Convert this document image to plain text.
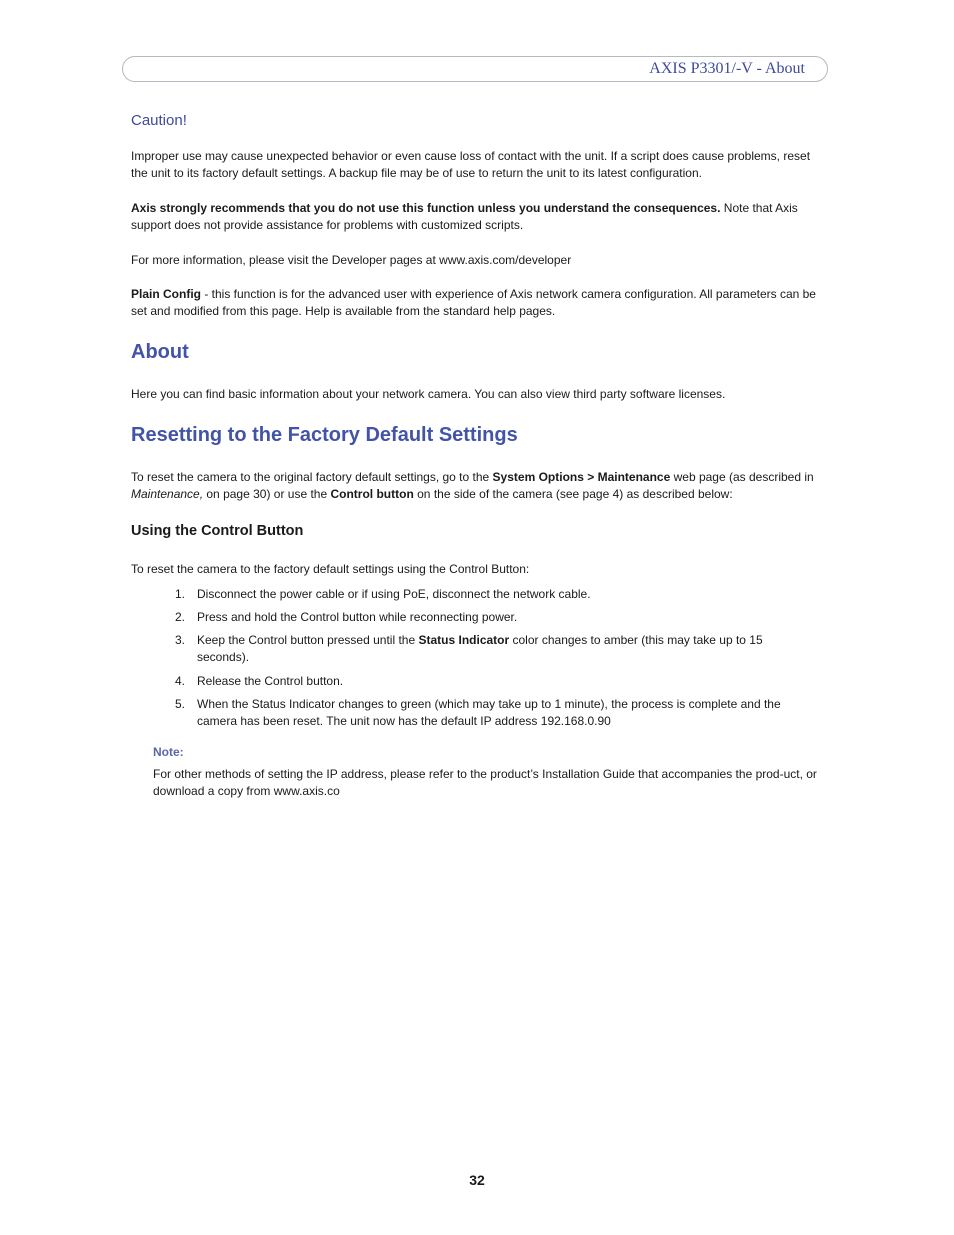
AXIS P3301/-V - About
Caution!

Improper use may cause unexpected behavior or even cause loss of contact with the unit. If a script does cause problems, reset the unit to its factory default settings. A backup file may be of use to return the unit to its latest configuration.

Axis strongly recommends that you do not use this function unless you understand the consequences. Note that Axis support does not provide assistance for problems with customized scripts.

For more information, please visit the Developer pages at www.axis.com/developer

Plain Config - this function is for the advanced user with experience of Axis network camera configuration. All parameters can be set and modified from this page. Help is available from the standard help pages.

About

Here you can find basic information about your network camera. You can also view third party software licenses.

Resetting to the Factory Default Settings

To reset the camera to the original factory default settings, go to the System Options > Maintenance web page (as described in Maintenance, on page 30) or use the Control button on the side of the camera (see page 4) as described below:

Using the Control Button

To reset the camera to the factory default settings using the Control Button:

1. Disconnect the power cable or if using PoE, disconnect the network cable.
2. Press and hold the Control button while reconnecting power.
3. Keep the Control button pressed until the Status Indicator color changes to amber (this may take up to 15 seconds).
4. Release the Control button.
5. When the Status Indicator changes to green (which may take up to 1 minute), the process is complete and the camera has been reset. The unit now has the default IP address 192.168.0.90
Note:

For other methods of setting the IP address, please refer to the product’s Installation Guide that accompanies the prod-uct, or download a copy from www.axis.co

32
